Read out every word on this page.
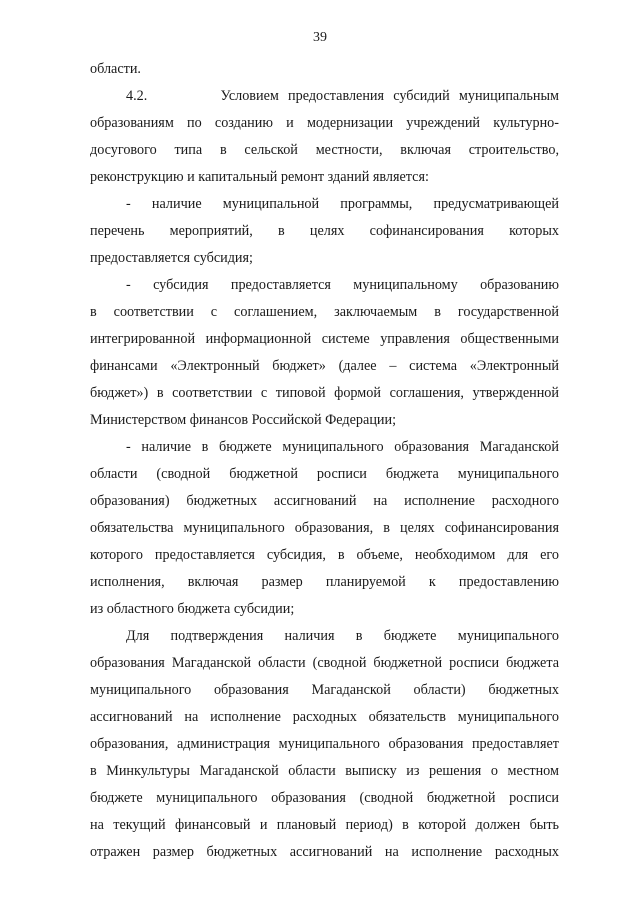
39
области.
4.2.        Условием предоставления субсидий муниципальным
образованиям по созданию и модернизации учреждений культурно-
досугового типа в сельской местности, включая строительство,
реконструкцию и капитальный ремонт зданий является:
- наличие муниципальной программы, предусматривающей
перечень мероприятий, в целях софинансирования которых
предоставляется субсидия;
- субсидия предоставляется муниципальному образованию
в соответствии с соглашением, заключаемым в государственной
интегрированной информационной системе управления общественными
финансами «Электронный бюджет» (далее – система «Электронный
бюджет») в соответствии с типовой формой соглашения, утвержденной
Министерством финансов Российской Федерации;
- наличие в бюджете муниципального образования Магаданской
области (сводной бюджетной росписи бюджета муниципального
образования) бюджетных ассигнований на исполнение расходного
обязательства муниципального образования, в целях софинансирования
которого предоставляется субсидия, в объеме, необходимом для его
исполнения, включая размер планируемой к предоставлению
из областного бюджета субсидии;
Для подтверждения наличия в бюджете муниципального
образования Магаданской области (сводной бюджетной росписи бюджета
муниципального образования Магаданской области) бюджетных
ассигнований на исполнение расходных обязательств муниципального
образования, администрация муниципального образования предоставляет
в Минкультуры Магаданской области выписку из решения о местном
бюджете муниципального образования (сводной бюджетной росписи
на текущий финансовый и плановый период) в которой должен быть
отражен размер бюджетных ассигнований на исполнение расходных
